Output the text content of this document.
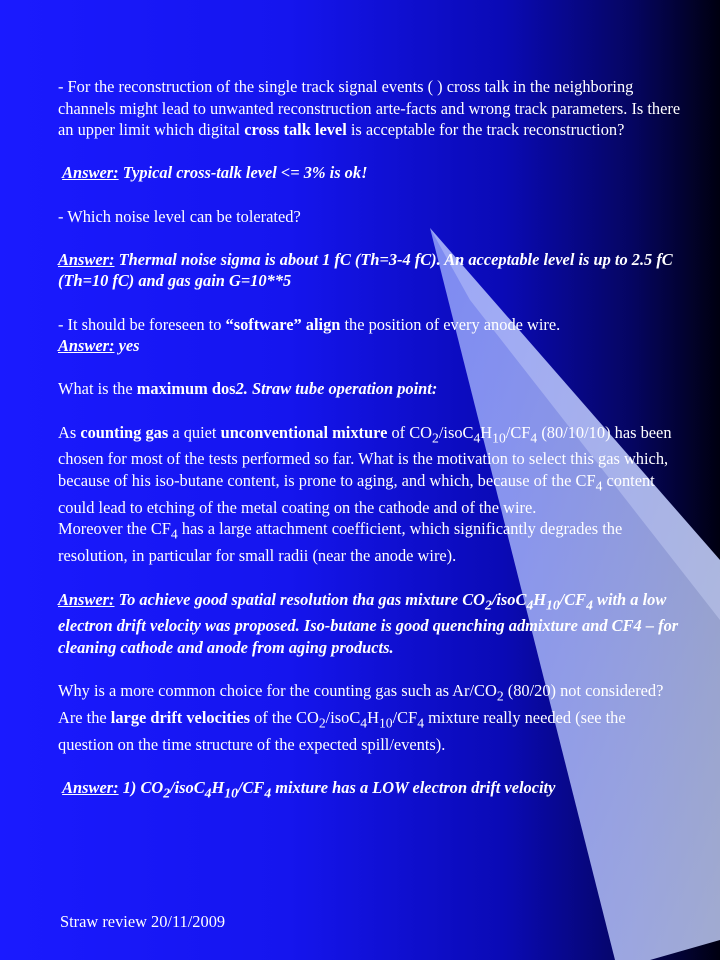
- For the reconstruction of the single track signal events ( ) cross talk in the neighboring channels might lead to unwanted reconstruction arte-facts and wrong track parameters. Is there an upper limit which digital cross talk level is acceptable for the track reconstruction?

Answer: Typical cross-talk level <= 3% is ok!

- Which noise level can be tolerated?

Answer: Thermal noise sigma is about 1 fC (Th=3-4 fC). An acceptable level is up to 2.5 fC (Th=10 fC) and gas gain G=10**5

- It should be foreseen to “software” align the position of every anode wire.

Answer: yes

What is the maximum dos2. Straw tube operation point:

As counting gas a quiet unconventional mixture of $CO_2/isoC_4H_{10}/CF_4$ (80/10/10) has been chosen for most of the tests performed so far. What is the motivation to select this gas which, because of his iso-butane content, is prone to aging, and which, because of the $CF_4$ content could lead to etching of the metal coating on the cathode and of the wire.

Moreover the $CF_4$ has a large attachment coefficient, which significantly degrades the resolution, in particular for small radii (near the anode wire).

Answer: To achieve good spatial resolution tha gas mixture $CO_2/isoC_4H_{10}/CF_4$ with a low electron drift velocity was proposed. Iso-butane is good quenching admixture and CF4 – for cleaning cathode and anode from aging products.

Why is a more common choice for the counting gas such as $Ar/CO_2$ (80/20) not considered? Are the large drift velocities of the $CO_2/isoC_4H_{10}/CF_4$ mixture really needed (see the question on the time structure of the expected spill/events).

Answer: 1) $CO_2/isoC_4H_{10}/CF_4$ mixture has a LOW electron drift velocity

Straw review 20/11/2009
